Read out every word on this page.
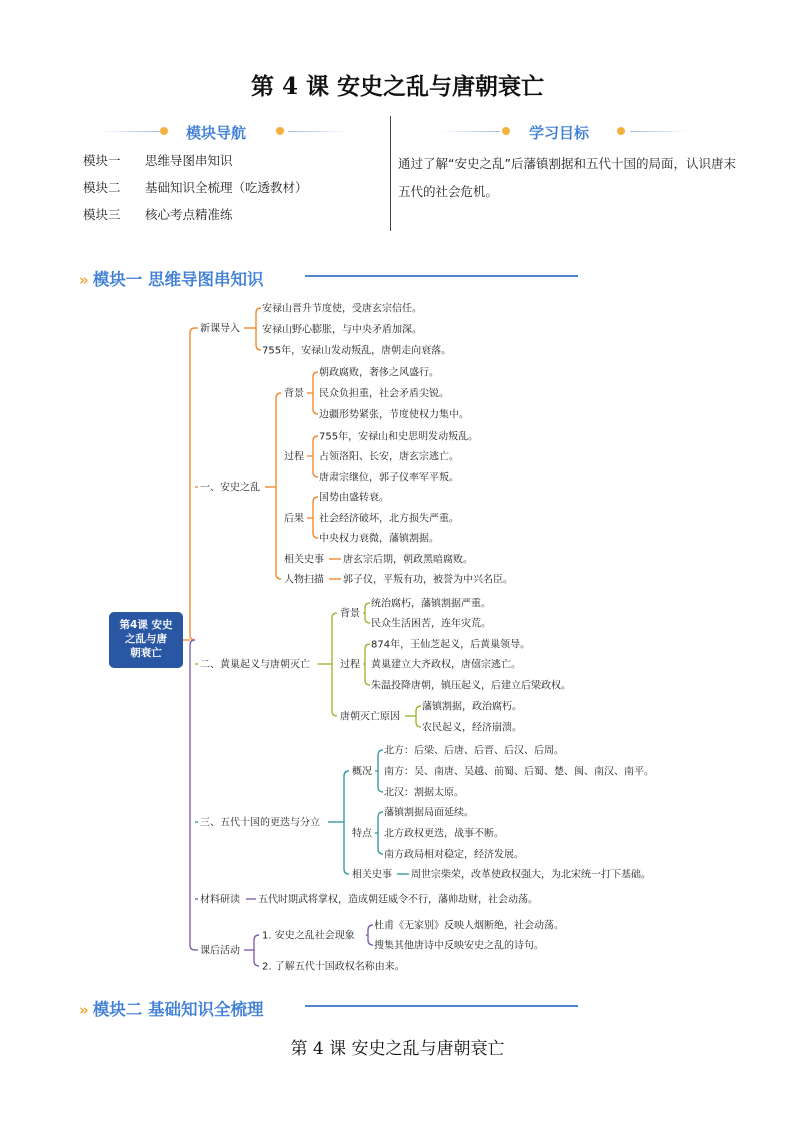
第 4 课 安史之乱与唐朝衰亡
模块导航
模块一 思维导图串知识
模块二 基础知识全梳理（吃透教材）
模块三 核心考点精准练
学习目标
通过了解“安史之乱”后藩镇割据和五代十国的局面，认识唐末五代的社会危机。
» 模块一 思维导图串知识
新课导入
安禄山晋升节度使，受唐玄宗信任。
安禄山野心膨胀，与中央矛盾加深。
755年，安禄山发动叛乱，唐朝走向衰落。
一、安史之乱
背景
朝政腐败，奢侈之风盛行。
民众负担重，社会矛盾尖锐。
边疆形势紧张，节度使权力集中。
过程
755年，安禄山和史思明发动叛乱。
占领洛阳、长安，唐玄宗逃亡。
唐肃宗继位，郭子仪率军平叛。
后果
国势由盛转衰。
社会经济破坏，北方损失严重。
中央权力衰微，藩镇割据。
相关史事 唐玄宗后期，朝政黑暗腐败。
人物扫描 郭子仪，平叛有功，被誉为中兴名臣。
二、黄巢起义与唐朝灭亡
背景
统治腐朽，藩镇割据严重。
民众生活困苦，连年灾荒。
过程
874年，王仙芝起义，后黄巢领导。
黄巢建立大齐政权，唐僖宗逃亡。
朱温投降唐朝，镇压起义，后建立后梁政权。
唐朝灭亡原因
藩镇割据，政治腐朽。
农民起义，经济崩溃。
三、五代十国的更迭与分立
概况
北方：后梁、后唐、后晋、后汉、后周。
南方：吴、南唐、吴越、前蜀、后蜀、楚、闽、南汉、南平。
北汉：割据太原。
特点
藩镇割据局面延续。
北方政权更迭，战事不断。
南方政局相对稳定，经济发展。
相关史事 周世宗柴荣，改革使政权强大，为北宋统一打下基础。
材料研读 五代时期武将掌权，造成朝廷威令不行，藩帅劫财，社会动荡。
课后活动
1. 安史之乱社会现象
杜甫《无家别》反映人烟断绝，社会动荡。
搜集其他唐诗中反映安史之乱的诗句。
2. 了解五代十国政权名称由来。
第4课 安史
之乱与唐
朝衰亡
» 模块二 基础知识全梳理
第 4 课 安史之乱与唐朝衰亡
